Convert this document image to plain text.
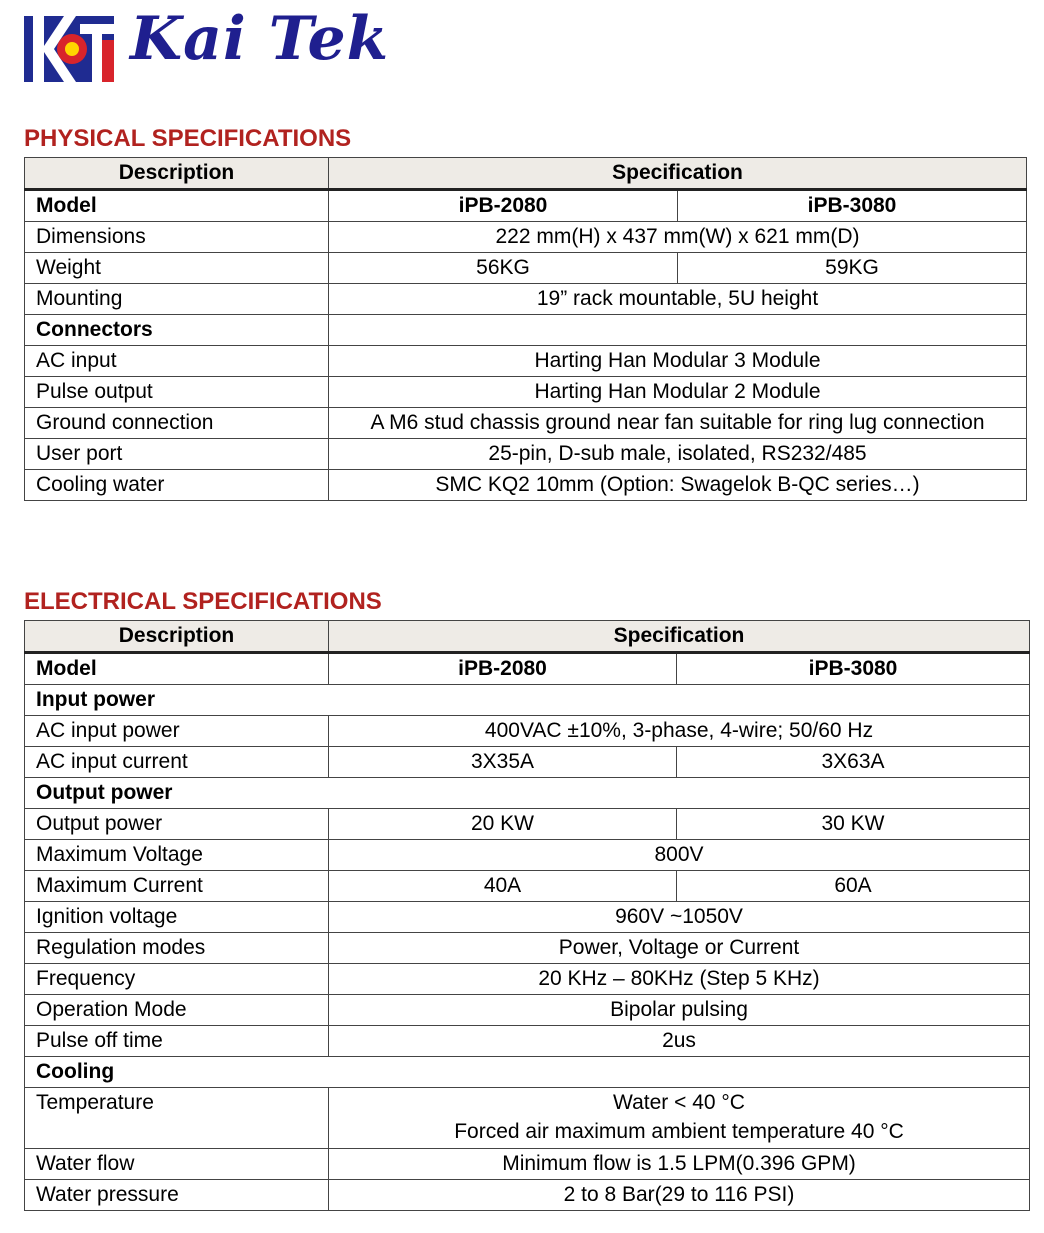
Kai Tek
PHYSICAL SPECIFICATIONS
Description	Specification	
Model	iPB-2080	iPB-3080
Dimensions	222 mm(H) x 437 mm(W) x 621 mm(D)	
Weight	56KG	59KG
Mounting	19” rack mountable, 5U height	
Connectors		
AC input	Harting Han Modular 3 Module	
Pulse output	Harting Han Modular 2 Module	
Ground connection	A M6 stud chassis ground near fan suitable for ring lug connection	
User port	25-pin, D-sub male, isolated, RS232/485	
Cooling water	SMC KQ2 10mm (Option: Swagelok B-QC series…)	
ELECTRICAL SPECIFICATIONS
Description	Specification	
Model	iPB-2080	iPB-3080
Input power		
AC input power	400VAC ±10%, 3-phase, 4-wire; 50/60 Hz	
AC input current	3X35A	3X63A
Output power		
Output power	20 KW	30 KW
Maximum Voltage	800V	
Maximum Current	40A	60A
Ignition voltage	960V ~1050V	
Regulation modes	Power, Voltage or Current	
Frequency	20 KHz – 80KHz (Step 5 KHz)	
Operation Mode	Bipolar pulsing	
Pulse off time	2us	
Cooling		
Temperature	Water < 40 °C
Forced air maximum ambient temperature 40 °C	

Water flow	Minimum flow is 1.5 LPM(0.396 GPM)	
Water pressure	2 to 8 Bar(29 to 116 PSI)	
